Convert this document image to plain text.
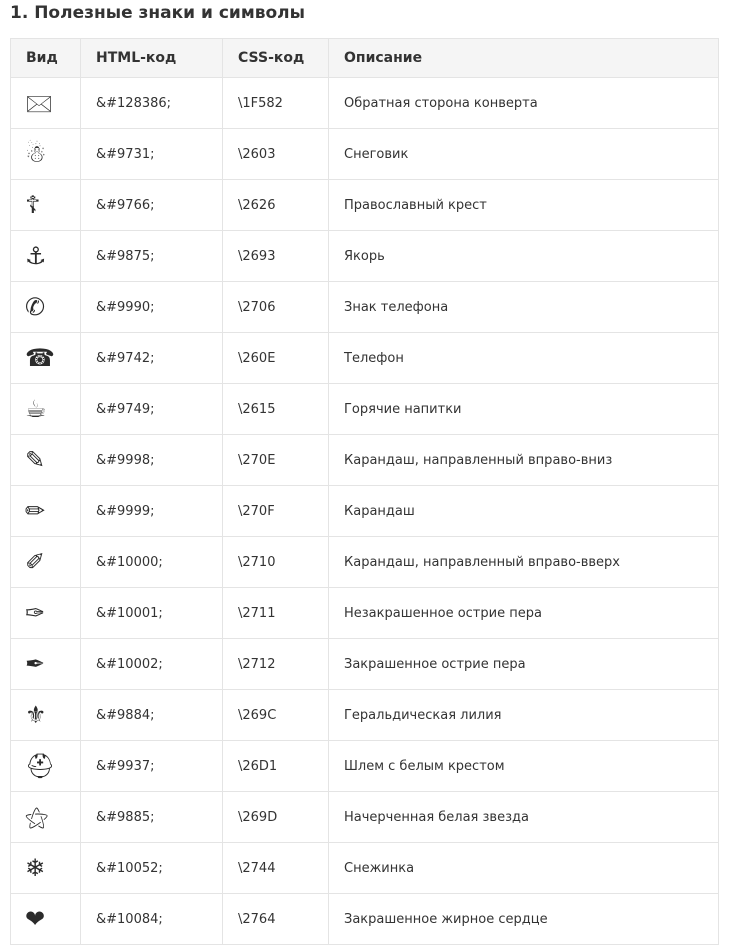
1. Полезные знаки и символы
Вид	HTML-код	CSS-код	Описание
🖂	&#128386;	\1F582	Обратная сторона конверта
☃	&#9731;	\2603	Снеговик
☦	&#9766;	\2626	Православный крест
⚓	&#9875;	\2693	Якорь
✆	&#9990;	\2706	Знак телефона
☎	&#9742;	\260E	Телефон
☕	&#9749;	\2615	Горячие напитки
✎	&#9998;	\270E	Карандаш, направленный вправо-вниз
✏	&#9999;	\270F	Карандаш
✐	&#10000;	\2710	Карандаш, направленный вправо-вверх
✑	&#10001;	\2711	Незакрашенное острие пера
✒	&#10002;	\2712	Закрашенное острие пера
⚜	&#9884;	\269C	Геральдическая лилия
⛑	&#9937;	\26D1	Шлем с белым крестом
⚝	&#9885;	\269D	Начерченная белая звезда
❄	&#10052;	\2744	Снежинка
❤	&#10084;	\2764	Закрашенное жирное сердце
